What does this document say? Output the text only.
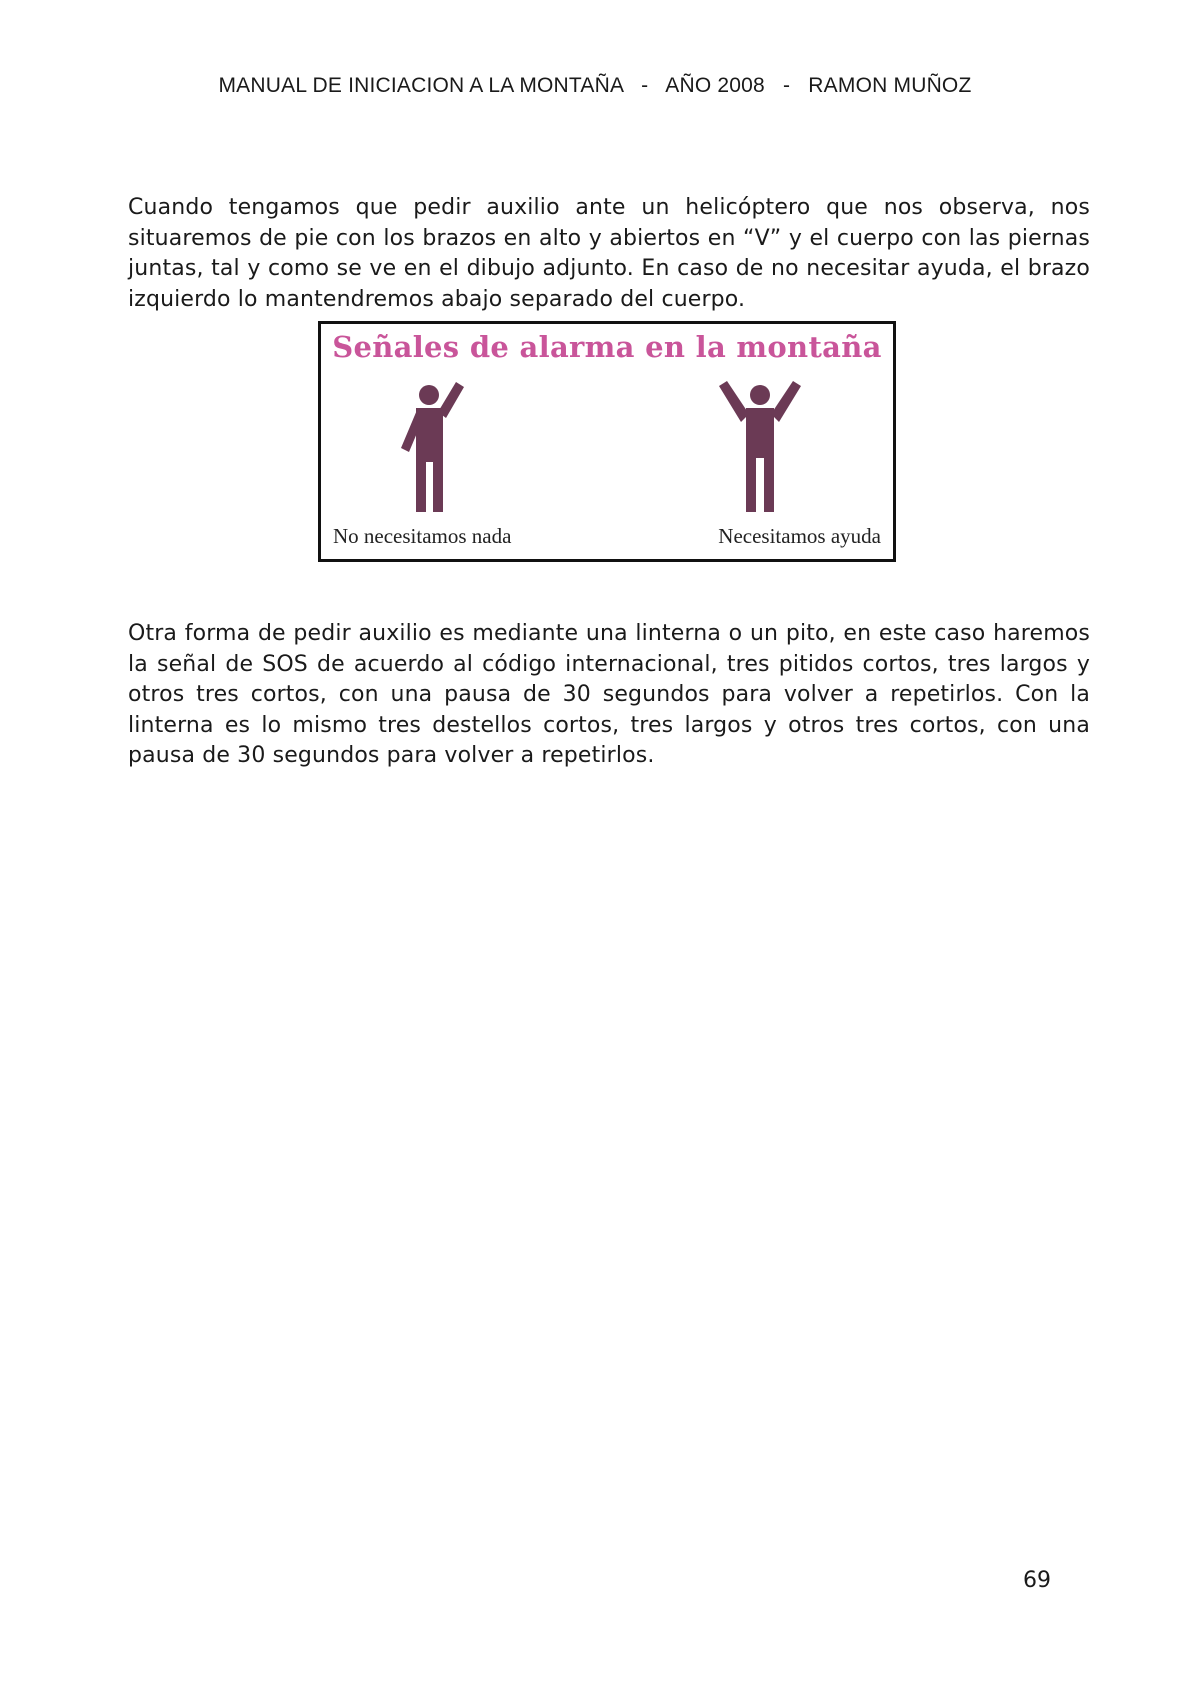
MANUAL DE INICIACION A LA MONTAÑA   -   AÑO 2008   -   RAMON MUÑOZ

Cuando tengamos que pedir auxilio ante un helicóptero que nos observa, nos situaremos de pie con los brazos en alto y abiertos en “V” y el cuerpo con las piernas juntas, tal y como se ve en el dibujo adjunto. En caso de no necesitar ayuda, el brazo izquierdo lo mantendremos abajo separado del cuerpo.

Señales de alarma en la montaña
No necesitamos nada	Necesitamos ayuda

Otra forma de pedir auxilio es mediante una linterna o un pito, en este caso haremos la señal de SOS de acuerdo al código internacional, tres pitidos cortos, tres largos y otros tres cortos, con una pausa de 30 segundos para volver a repetirlos. Con la linterna es lo mismo tres destellos cortos, tres largos y otros tres cortos, con una pausa de 30 segundos para volver a repetirlos.

69
